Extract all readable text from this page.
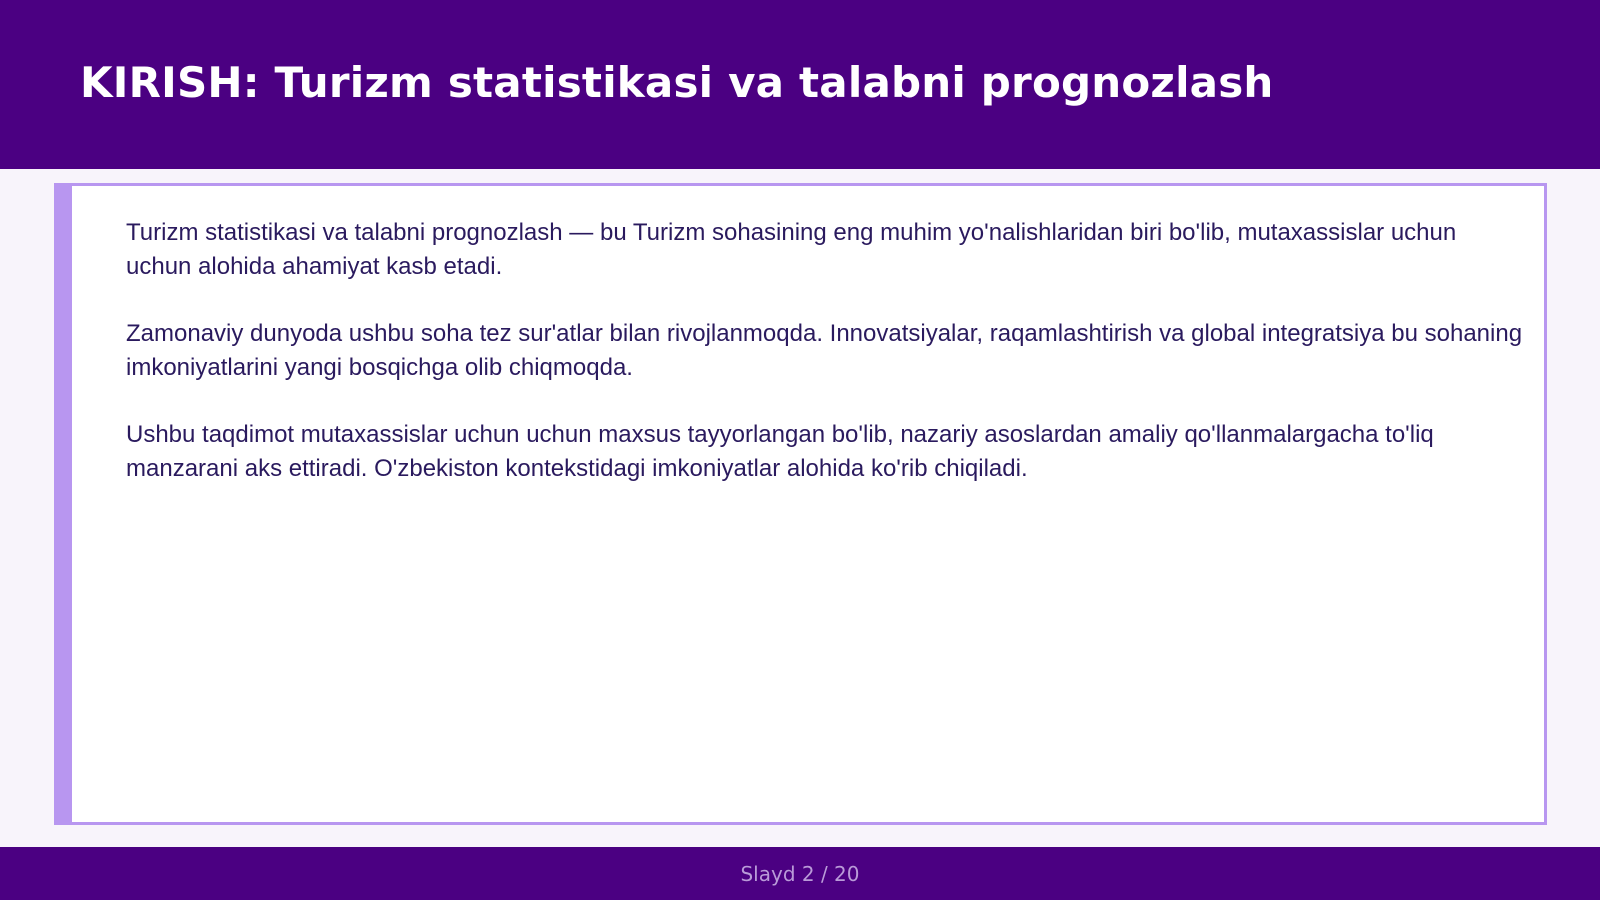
KIRISH: Turizm statistikasi va talabni prognozlash

Turizm statistikasi va talabni prognozlash — bu Turizm sohasining eng muhim yo'nalishlaridan biri bo'lib, mutaxassislar uchun uchun alohida ahamiyat kasb etadi.

Zamonaviy dunyoda ushbu soha tez sur'atlar bilan rivojlanmoqda. Innovatsiyalar, raqamlashtirish va global integratsiya bu sohaning imkoniyatlarini yangi bosqichga olib chiqmoqda.

Ushbu taqdimot mutaxassislar uchun uchun maxsus tayyorlangan bo'lib, nazariy asoslardan amaliy qo'llanmalargacha to'liq manzarani aks ettiradi. O'zbekiston kontekstidagi imkoniyatlar alohida ko'rib chiqiladi.

Slayd 2 / 20
